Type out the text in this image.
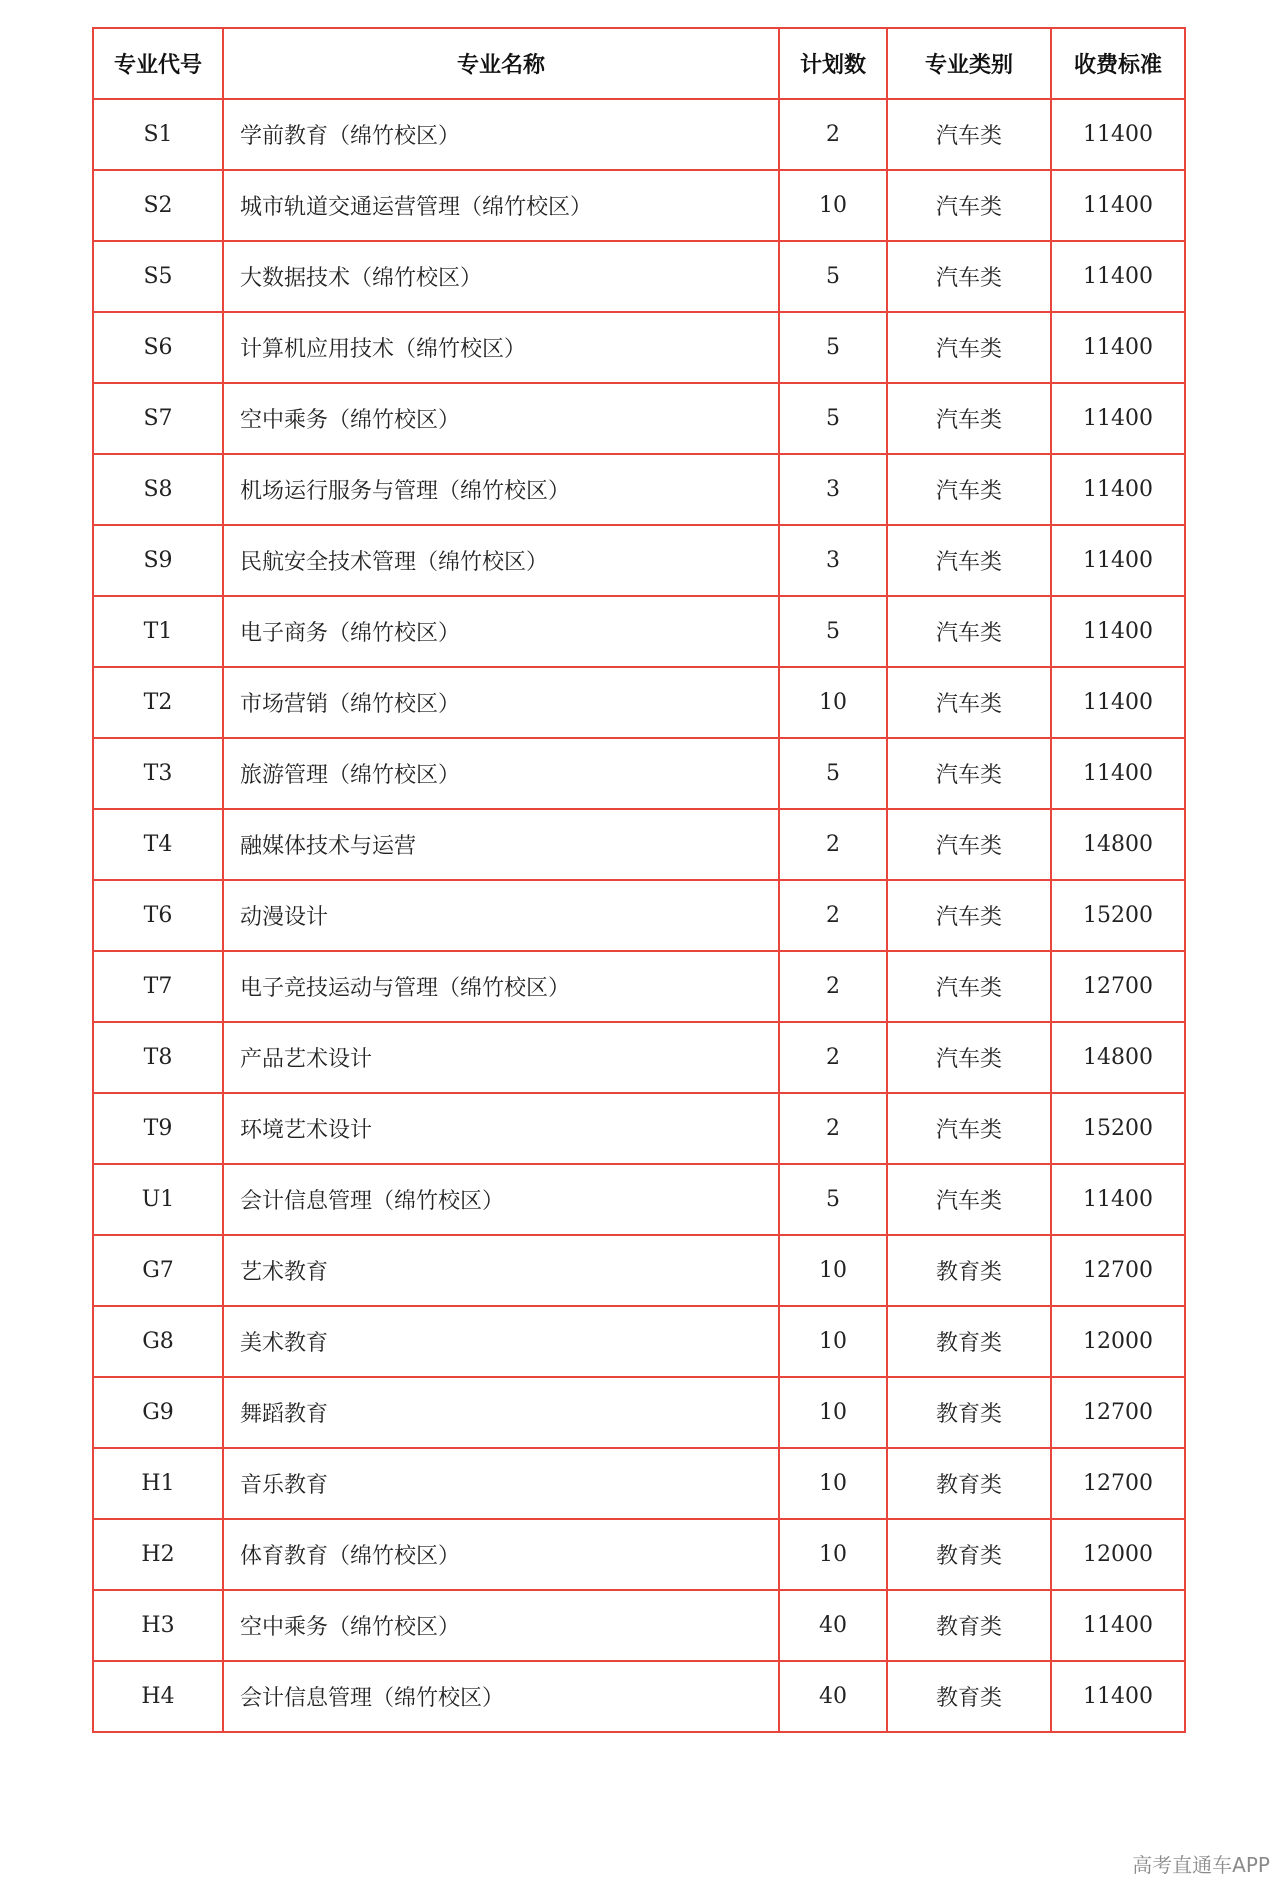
专业代号	专业名称	计划数	专业类别	收费标准
S1	学前教育（绵竹校区）	2	汽车类	11400
S2	城市轨道交通运营管理（绵竹校区）	10	汽车类	11400
S5	大数据技术（绵竹校区）	5	汽车类	11400
S6	计算机应用技术（绵竹校区）	5	汽车类	11400
S7	空中乘务（绵竹校区）	5	汽车类	11400
S8	机场运行服务与管理（绵竹校区）	3	汽车类	11400
S9	民航安全技术管理（绵竹校区）	3	汽车类	11400
T1	电子商务（绵竹校区）	5	汽车类	11400
T2	市场营销（绵竹校区）	10	汽车类	11400
T3	旅游管理（绵竹校区）	5	汽车类	11400
T4	融媒体技术与运营	2	汽车类	14800
T6	动漫设计	2	汽车类	15200
T7	电子竞技运动与管理（绵竹校区）	2	汽车类	12700
T8	产品艺术设计	2	汽车类	14800
T9	环境艺术设计	2	汽车类	15200
U1	会计信息管理（绵竹校区）	5	汽车类	11400
G7	艺术教育	10	教育类	12700
G8	美术教育	10	教育类	12000
G9	舞蹈教育	10	教育类	12700
H1	音乐教育	10	教育类	12700
H2	体育教育（绵竹校区）	10	教育类	12000
H3	空中乘务（绵竹校区）	40	教育类	11400
H4	会计信息管理（绵竹校区）	40	教育类	11400
高考直通车APP
